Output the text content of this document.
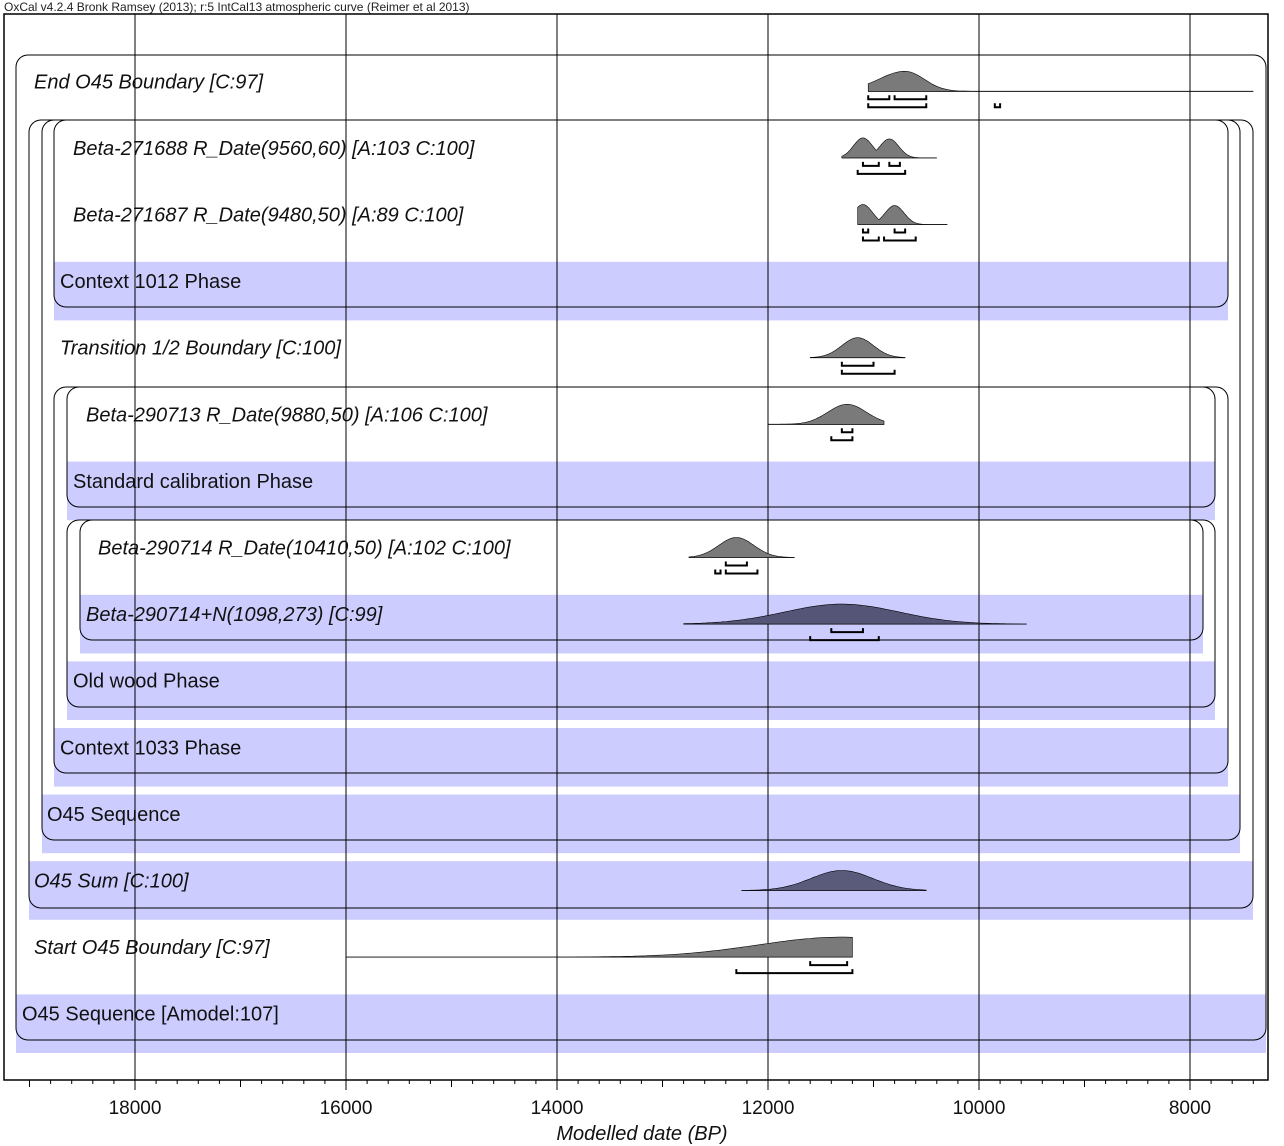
OxCal v4.2.4 Bronk Ramsey (2013); r:5 IntCal13 atmospheric curve (Reimer et al 2013)
End O45 Boundary [C:97]
Beta-271688 R_Date(9560,60) [A:103 C:100]
Beta-271687 R_Date(9480,50) [A:89 C:100]
Context 1012 Phase
Transition 1/2 Boundary [C:100]
Beta-290713 R_Date(9880,50) [A:106 C:100]
Standard calibration Phase
Beta-290714 R_Date(10410,50) [A:102 C:100]
Beta-290714+N(1098,273) [C:99]
Old wood Phase
Context 1033 Phase
O45 Sequence
O45 Sum [C:100]
Start O45 Boundary [C:97]
O45 Sequence [Amodel:107]
18000	16000	14000	12000	10000	8000
Modelled date (BP)
